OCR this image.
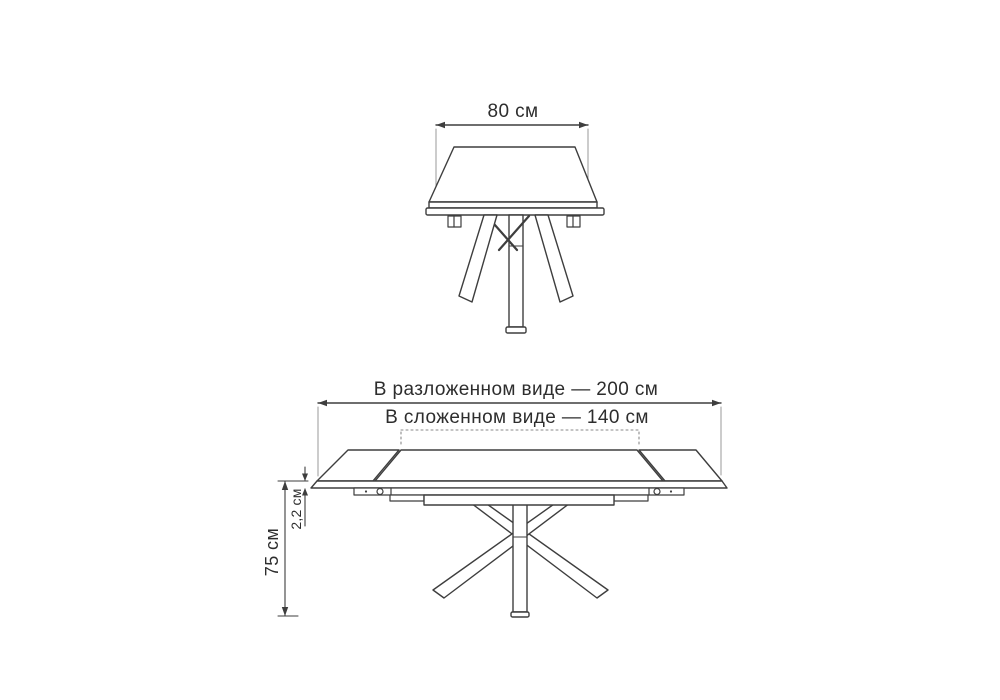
80 см
В разложенном виде — 200 см
В сложенном виде — 140 см
75 см
2,2 см
